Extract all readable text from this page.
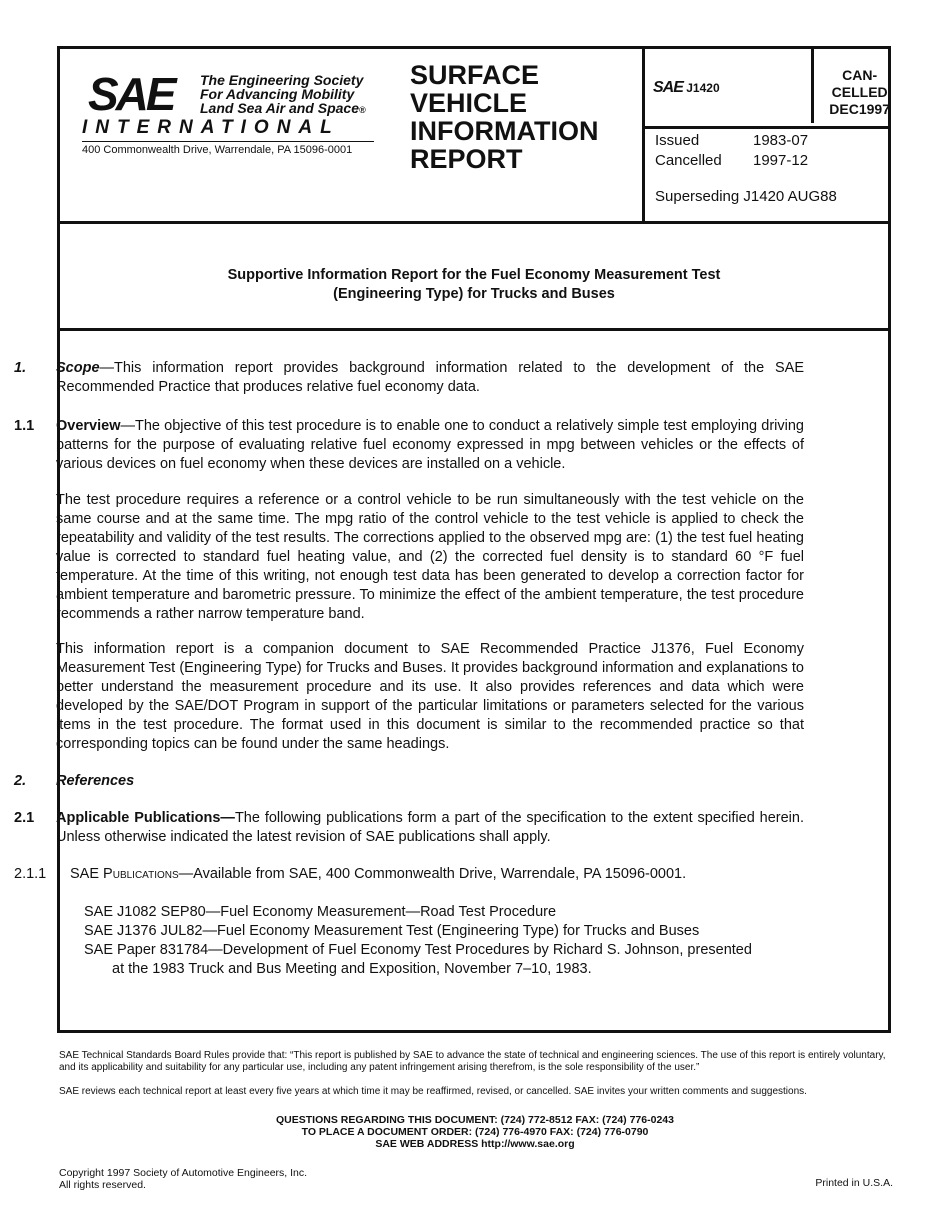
SAE The Engineering Society
For Advancing Mobility
Land Sea Air and Space®
INTERNATIONAL
400 Commonwealth Drive, Warrendale, PA 15096-0001
SURFACE
VEHICLE
INFORMATION
REPORT
SAE J1420
CAN-
CELLED
DEC1997
Issued	1983-07
Cancelled 1997-12
Superseding J1420 AUG88
Supportive Information Report for the Fuel Economy Measurement Test
(Engineering Type) for Trucks and Buses
1. Scope—This information report provides background information related to the development of the SAE Recommended Practice that produces relative fuel economy data.
1.1 Overview—The objective of this test procedure is to enable one to conduct a relatively simple test employing driving patterns for the purpose of evaluating relative fuel economy expressed in mpg between vehicles or the effects of various devices on fuel economy when these devices are installed on a vehicle.
The test procedure requires a reference or a control vehicle to be run simultaneously with the test vehicle on the same course and at the same time. The mpg ratio of the control vehicle to the test vehicle is applied to check the repeatability and validity of the test results. The corrections applied to the observed mpg are: (1) the test fuel heating value is corrected to standard fuel heating value, and (2) the corrected fuel density is to standard 60 °F fuel temperature. At the time of this writing, not enough test data has been generated to develop a correction factor for ambient temperature and barometric pressure. To minimize the effect of the ambient temperature, the test procedure recommends a rather narrow temperature band.
This information report is a companion document to SAE Recommended Practice J1376, Fuel Economy Measurement Test (Engineering Type) for Trucks and Buses. It provides background information and explanations to better understand the measurement procedure and its use. It also provides references and data which were developed by the SAE/DOT Program in support of the particular limitations or parameters selected for the various items in the test procedure. The format used in this document is similar to the recommended practice so that corresponding topics can be found under the same headings.
2. References
2.1 Applicable Publications—The following publications form a part of the specification to the extent specified herein. Unless otherwise indicated the latest revision of SAE publications shall apply.
2.1.1 SAE Publications—Available from SAE, 400 Commonwealth Drive, Warrendale, PA 15096-0001.
SAE J1082 SEP80—Fuel Economy Measurement—Road Test Procedure
SAE J1376 JUL82—Fuel Economy Measurement Test (Engineering Type) for Trucks and Buses
SAE Paper 831784—Development of Fuel Economy Test Procedures by Richard S. Johnson, presented
at the 1983 Truck and Bus Meeting and Exposition, November 7–10, 1983.
SAE Technical Standards Board Rules provide that: “This report is published by SAE to advance the state of technical and engineering sciences. The use of this report is entirely voluntary, and its applicability and suitability for any particular use, including any patent infringement arising therefrom, is the sole responsibility of the user.”
SAE reviews each technical report at least every five years at which time it may be reaffirmed, revised, or cancelled. SAE invites your written comments and suggestions.
QUESTIONS REGARDING THIS DOCUMENT: (724) 772-8512 FAX: (724) 776-0243
TO PLACE A DOCUMENT ORDER: (724) 776-4970 FAX: (724) 776-0790
SAE WEB ADDRESS http://www.sae.org
Copyright 1997 Society of Automotive Engineers, Inc.
All rights reserved.	Printed in U.S.A.
